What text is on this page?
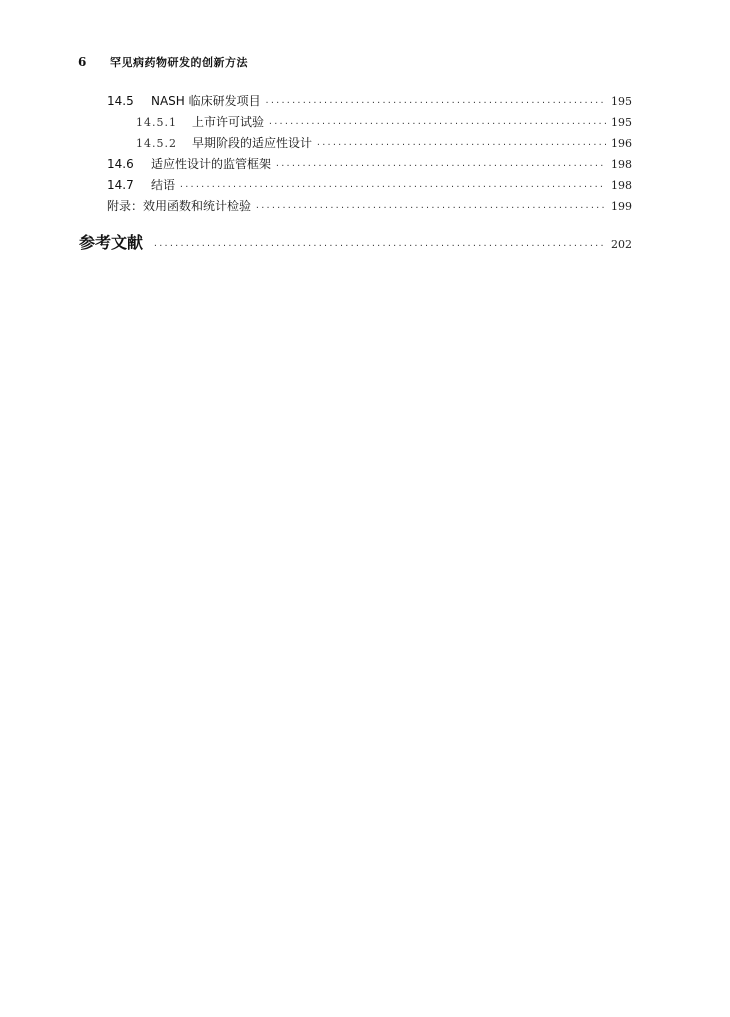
6	罕见病药物研发的创新方法
14.5	NASH 临床研发项目 ·····	195
14.5.1	上市许可试验 ·····	195
14.5.2	早期阶段的适应性设计 ·····	196
14.6	适应性设计的监管框架 ·····	198
14.7	结语 ·····	198
附录：效用函数和统计检验 ·····	199
参考文献 ·····	202
